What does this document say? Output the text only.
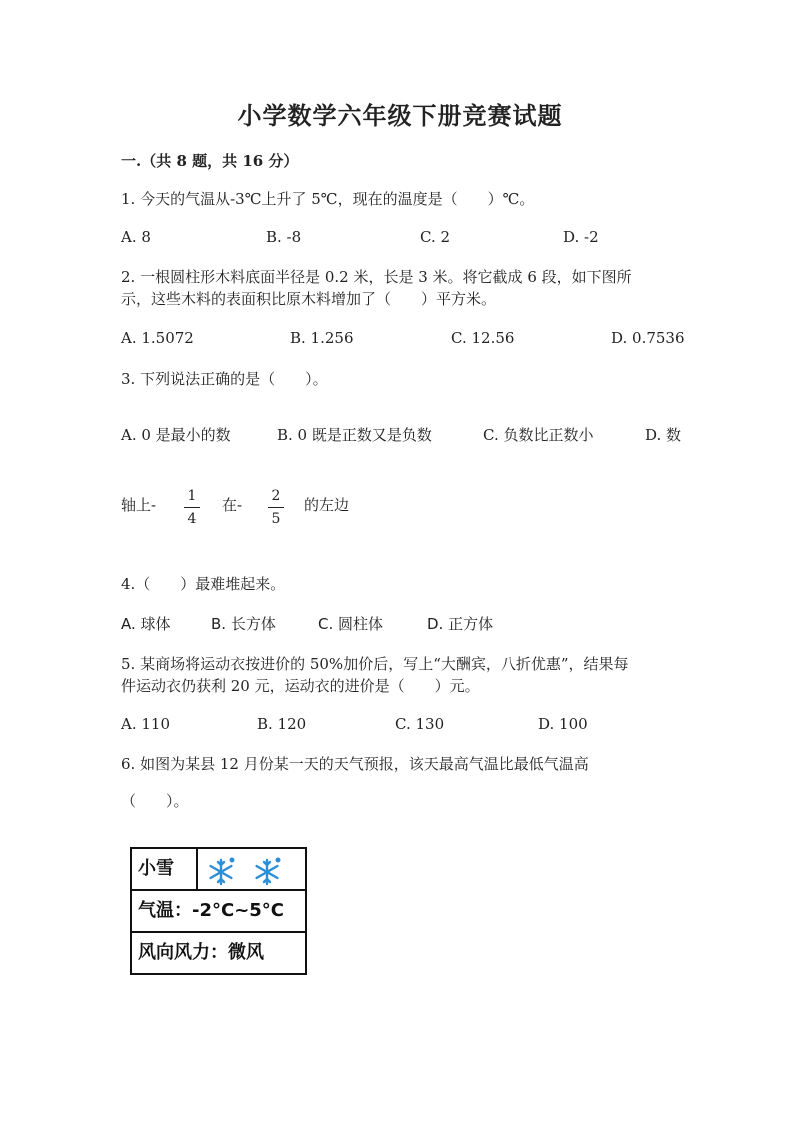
小学数学六年级下册竞赛试题
一.（共 8 题，共 16 分）
1. 今天的气温从-3℃上升了 5℃，现在的温度是（　　）℃。
A. 8	B. -8	C. 2	D. -2
2. 一根圆柱形木料底面半径是 0.2 米，长是 3 米。将它截成 6 段，如下图所
示，这些木料的表面积比原木料增加了（　　）平方米。
A. 1.5072	B. 1.256	C. 12.56	D. 0.7536
3. 下列说法正确的是（　　）。
A. 0 是最小的数	B. 0 既是正数又是负数	C. 负数比正数小	D. 数
轴上-	1
4
在-	2
5
的左边
4.（　　）最难堆起来。
A. 球体	B. 长方体	C. 圆柱体	D. 正方体
5. 某商场将运动衣按进价的 50%加价后，写上“大酬宾，八折优惠”，结果每
件运动衣仍获利 20 元，运动衣的进价是（　　）元。
A. 110	B. 120	C. 130	D. 100
6. 如图为某县 12 月份某一天的天气预报，该天最高气温比最低气温高
（　　）。
小雪
气温：-2°C~5°C
风向风力：微风
